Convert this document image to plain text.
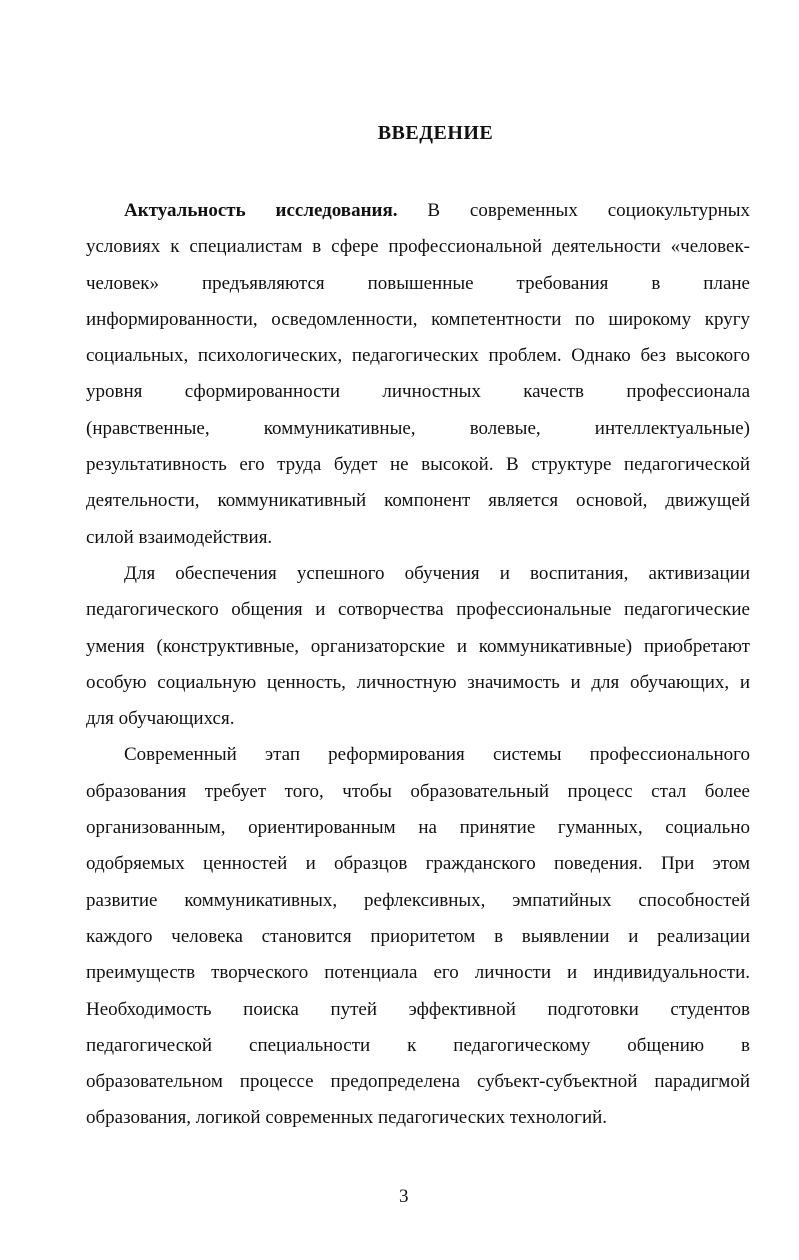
ВВЕДЕНИЕ
Актуальность исследования. В современных социокультурных
условиях к специалистам в сфере профессиональной деятельности «человек-
человек» предъявляются повышенные требования в плане
информированности, осведомленности, компетентности по широкому кругу
социальных, психологических, педагогических проблем. Однако без высокого
уровня сформированности личностных качеств профессионала
(нравственные, коммуникативные, волевые, интеллектуальные)
результативность его труда будет не высокой. В структуре педагогической
деятельности, коммуникативный компонент является основой, движущей
силой взаимодействия.
Для обеспечения успешного обучения и воспитания, активизации
педагогического общения и сотворчества профессиональные педагогические
умения (конструктивные, организаторские и коммуникативные) приобретают
особую социальную ценность, личностную значимость и для обучающих, и
для обучающихся.
Современный этап реформирования системы профессионального
образования требует того, чтобы образовательный процесс стал более
организованным, ориентированным на принятие гуманных, социально
одобряемых ценностей и образцов гражданского поведения. При этом
развитие коммуникативных, рефлексивных, эмпатийных способностей
каждого человека становится приоритетом в выявлении и реализации
преимуществ творческого потенциала его личности и индивидуальности.
Необходимость поиска путей эффективной подготовки студентов
педагогической специальности к педагогическому общению в
образовательном процессе предопределена субъект-субъектной парадигмой
образования, логикой современных педагогических технологий.
3
